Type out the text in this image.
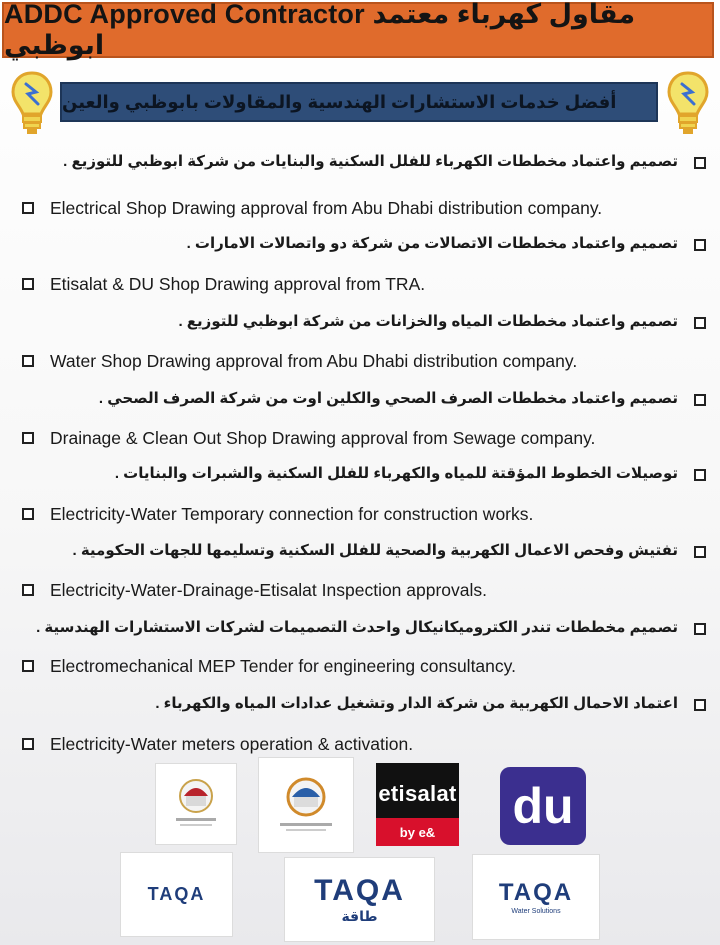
ADDC Approved Contractor مقاول كهرباء معتمد ابوظبي
أفضل خدمات الاستشارات الهندسية والمقاولات بابوظبي والعين
تصميم واعتماد مخططات الكهرباء للفلل السكنية والبنايات من شركة ابوظبي للتوزيع .
Electrical Shop Drawing approval from Abu Dhabi distribution company.
تصميم واعتماد مخططات الاتصالات من شركة دو واتصالات الامارات .
Etisalat & DU Shop Drawing approval from TRA.
تصميم واعتماد مخططات المياه والخزانات من شركة ابوظبي للتوزيع .
Water Shop Drawing approval from Abu Dhabi distribution company.
تصميم واعتماد مخططات الصرف الصحي والكلين اوت من شركة الصرف الصحي .
Drainage & Clean Out Shop Drawing approval from Sewage company.
توصيلات الخطوط المؤقتة للمياه والكهرباء للفلل السكنية والشبرات والبنايات .
Electricity-Water Temporary connection for construction works.
تفتيش وفحص الاعمال الكهربية والصحية للفلل السكنية وتسليمها للجهات الحكومية .
Electricity-Water-Drainage-Etisalat Inspection approvals.
تصميم مخططات تندر الكتروميكانيكال واحدث التصميمات لشركات الاستشارات الهندسية .
Electromechanical MEP Tender for engineering consultancy.
اعتماد الاحمال الكهربية من شركة الدار وتشغيل عدادات المياه والكهرباء .
Electricity-Water meters operation & activation.
etisalat
by e&	du
TAQA	TAQA
طاقة
TAQA
Water Solutions
